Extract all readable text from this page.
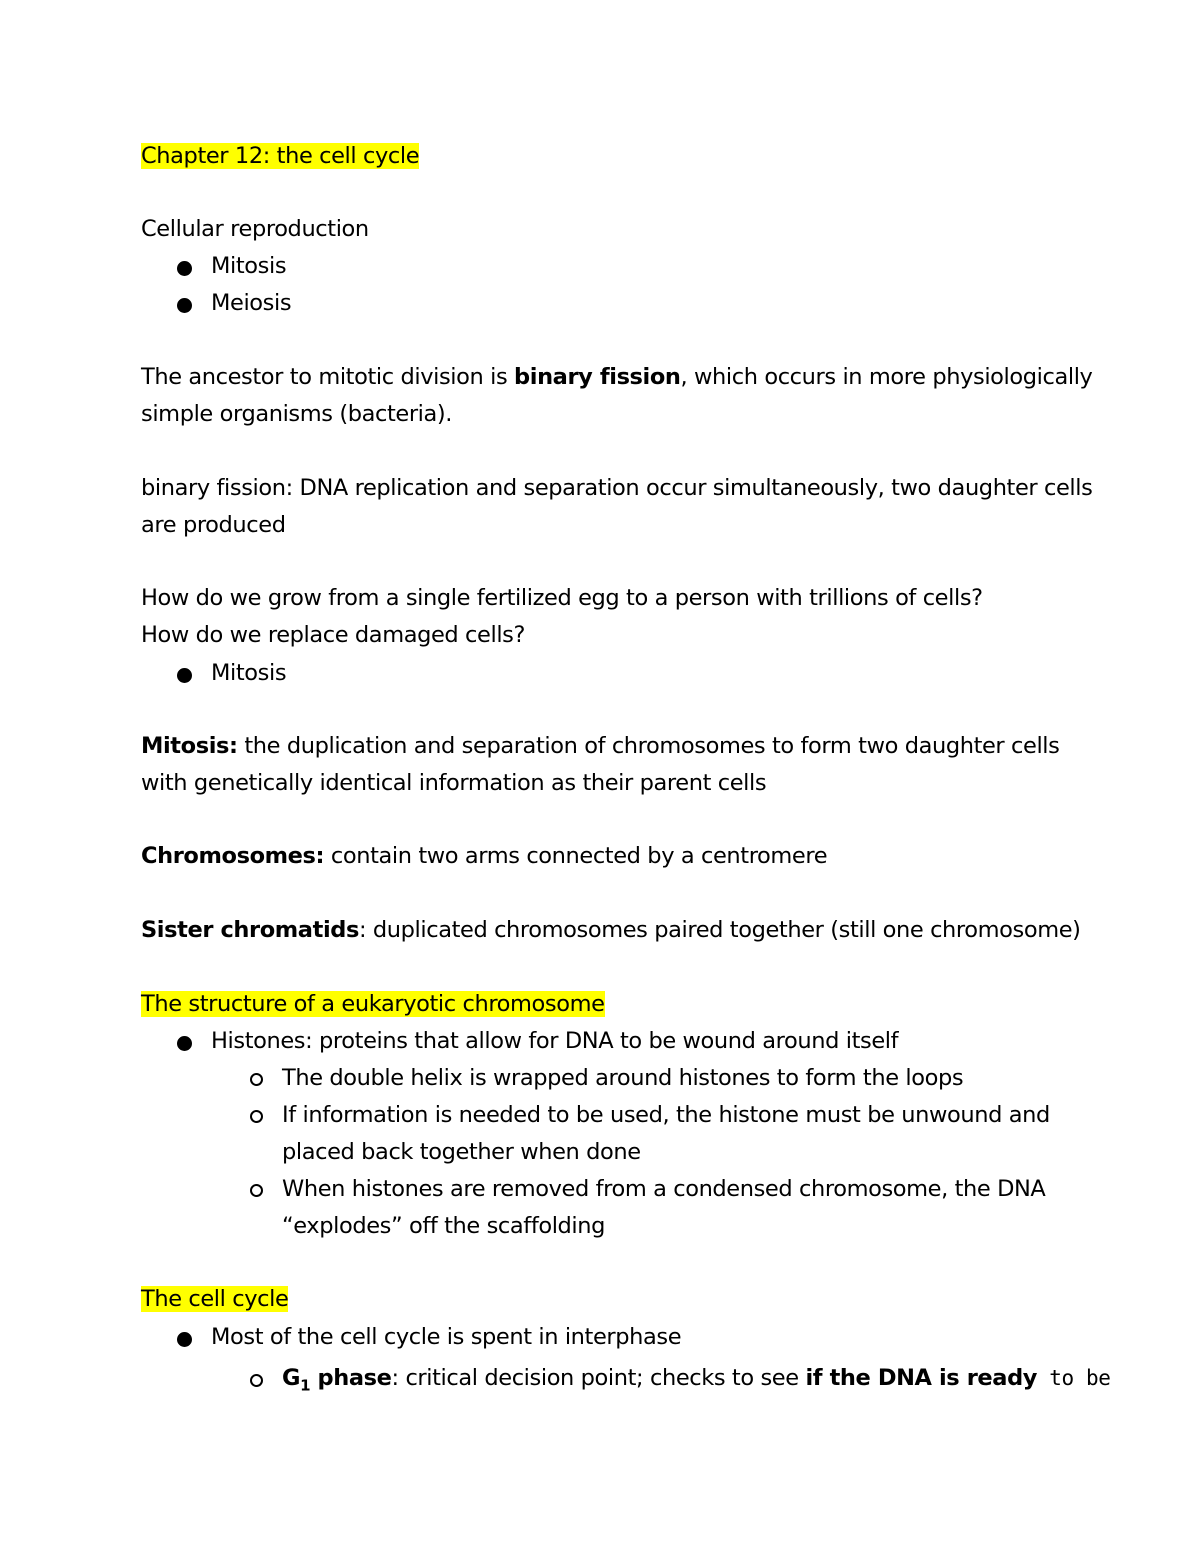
Chapter 12: the cell cycle
Cellular reproduction
Mitosis
Meiosis
The ancestor to mitotic division is binary fission, which occurs in more physiologically
simple organisms (bacteria).
binary fission: DNA replication and separation occur simultaneously, two daughter cells
are produced
How do we grow from a single fertilized egg to a person with trillions of cells?
How do we replace damaged cells?
Mitosis
Mitosis: the duplication and separation of chromosomes to form two daughter cells
with genetically identical information as their parent cells
Chromosomes: contain two arms connected by a centromere
Sister chromatids: duplicated chromosomes paired together (still one chromosome)
The structure of a eukaryotic chromosome
Histones: proteins that allow for DNA to be wound around itself
The double helix is wrapped around histones to form the loops
If information is needed to be used, the histone must be unwound and
placed back together when done
When histones are removed from a condensed chromosome, the DNA
“explodes” off the scaffolding
The cell cycle
Most of the cell cycle is spent in interphase
$G_1$ phase: critical decision point; checks to see if the DNA is ready to be
